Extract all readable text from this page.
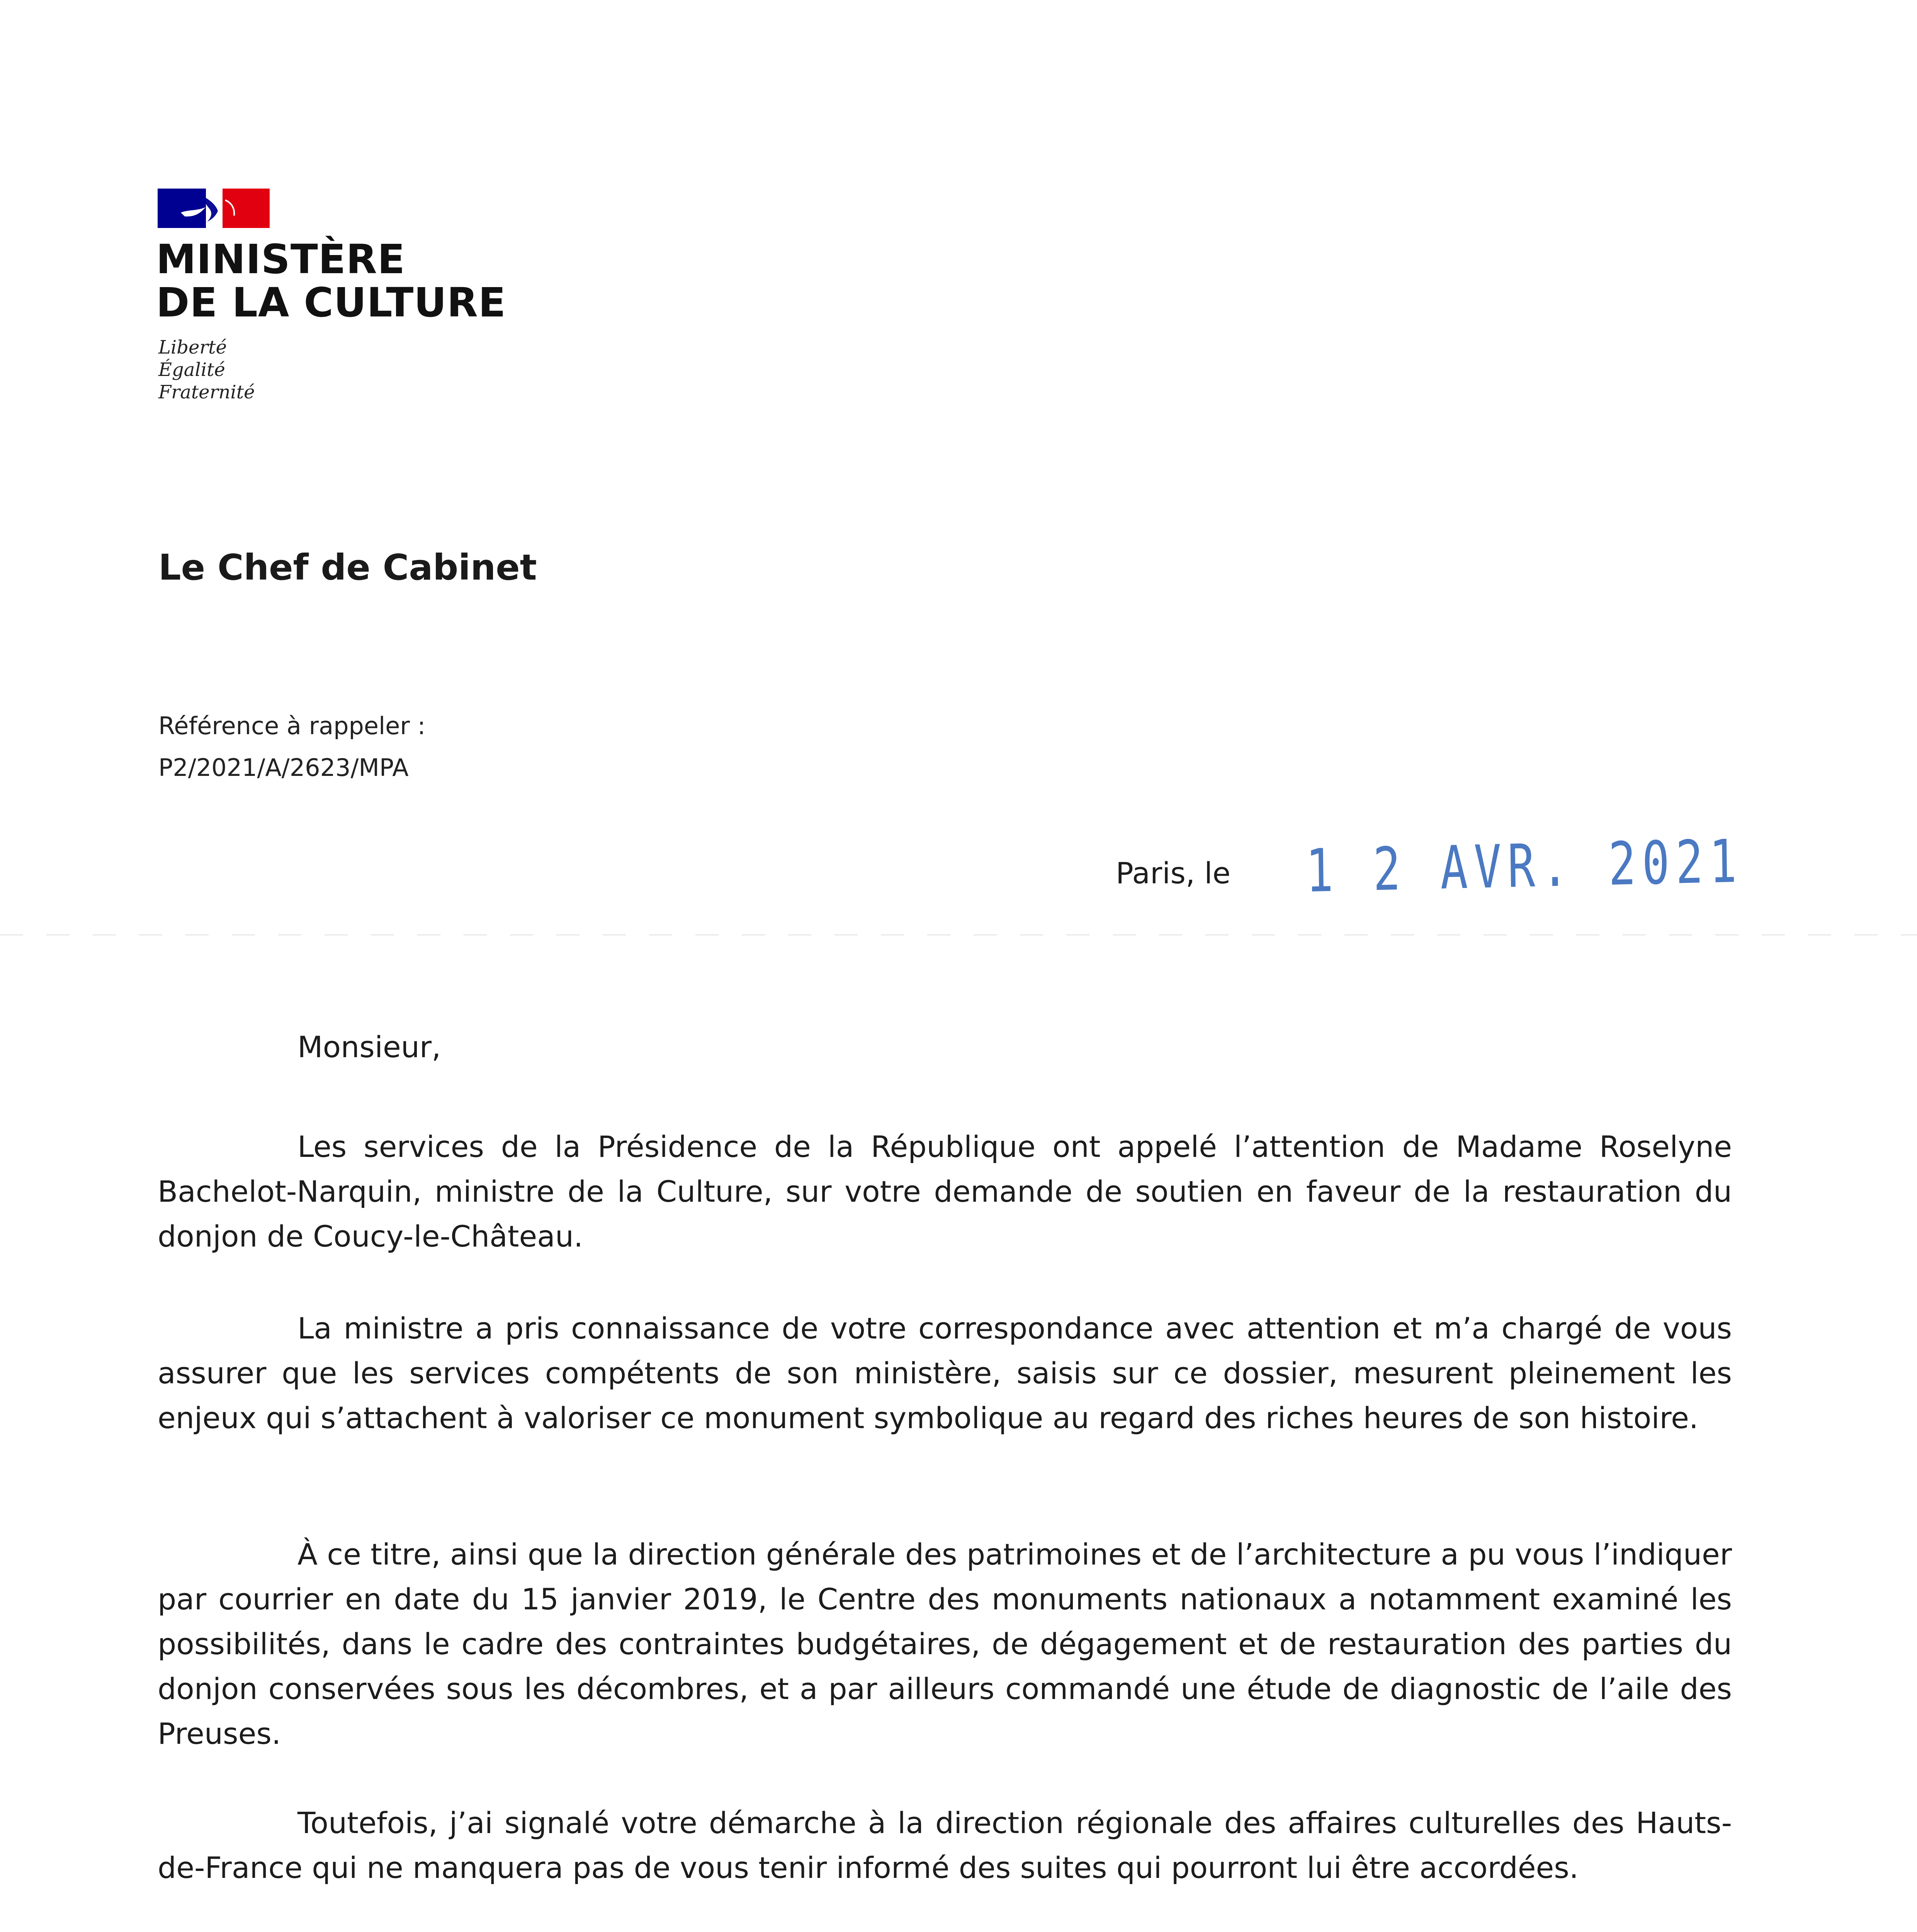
MINISTÈRE
DE LA CULTURE
Liberté
Égalité
Fraternité
Le Chef de Cabinet
Référence à rappeler :
P2/2021/A/2623/MPA
Paris, le 1 2 AVR. 2021
Monsieur,

Les services de la Présidence de la République ont appelé l’attention de Madame Roselyne Bachelot-Narquin, ministre de la Culture, sur votre demande de soutien en faveur de la restauration du donjon de Coucy-le-Château.

La ministre a pris connaissance de votre correspondance avec attention et m’a chargé de vous assurer que les services compétents de son ministère, saisis sur ce dossier, mesurent pleinement les enjeux qui s’attachent à valoriser ce monument symbolique au regard des riches heures de son histoire.

À ce titre, ainsi que la direction générale des patrimoines et de l’architecture a pu vous l’indiquer par courrier en date du 15 janvier 2019, le Centre des monuments nationaux a notamment examiné les possibilités, dans le cadre des contraintes budgétaires, de dégagement et de restauration des parties du donjon conservées sous les décombres, et a par ailleurs commandé une étude de diagnostic de l’aile des Preuses.

Toutefois, j’ai signalé votre démarche à la direction régionale des affaires culturelles des Hauts-de-France qui ne manquera pas de vous tenir informé des suites qui pourront lui être accordées.
